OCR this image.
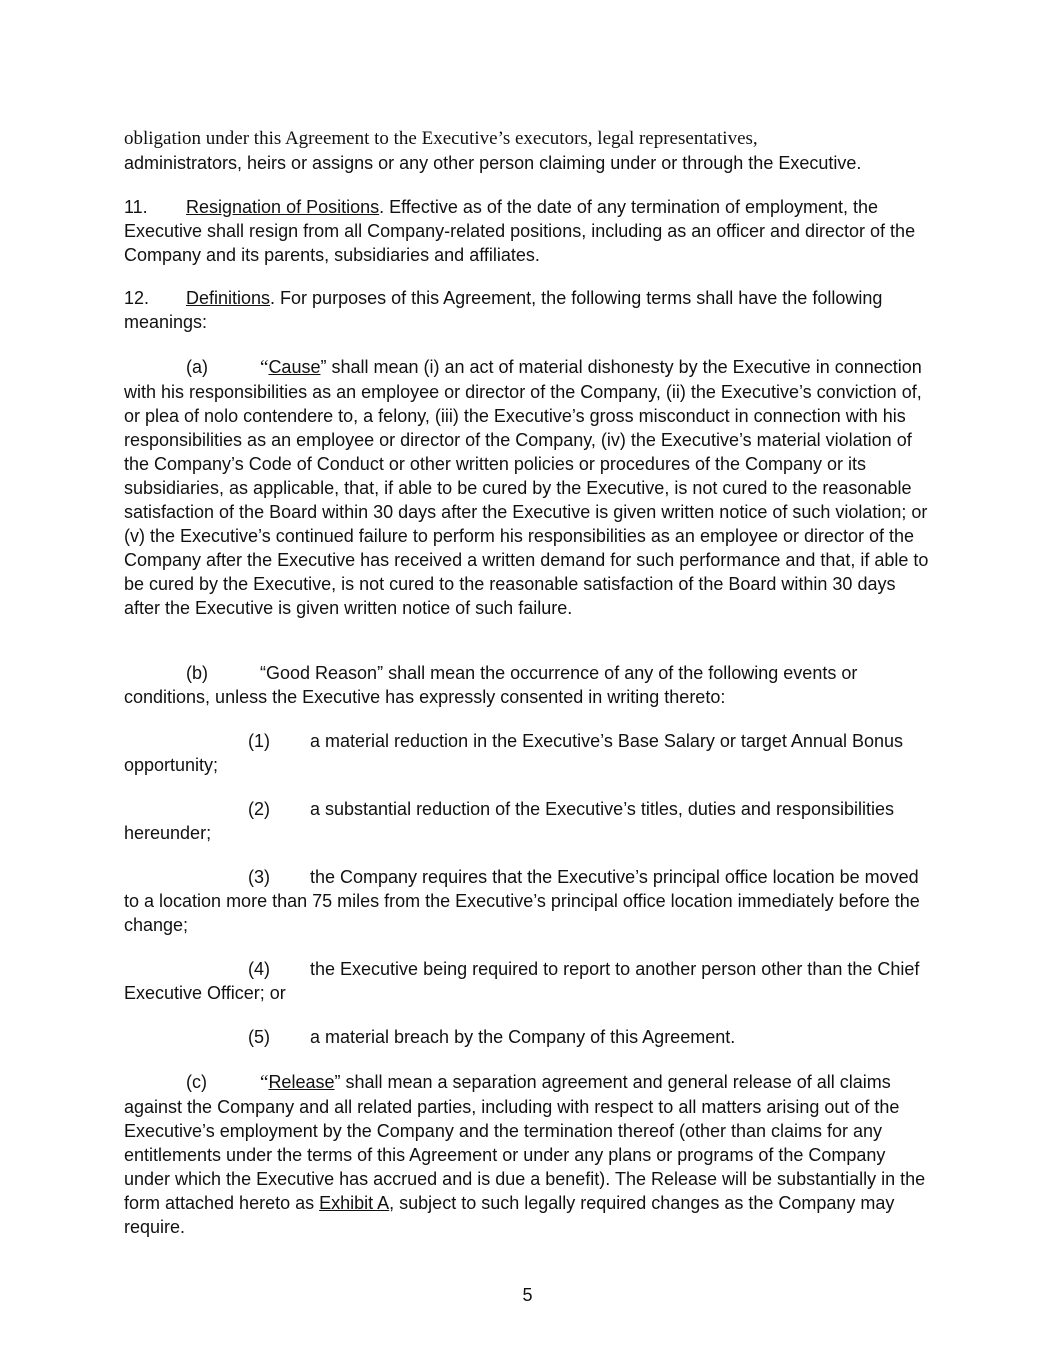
obligation under this Agreement to the Executive’s executors, legal representatives,
administrators, heirs or assigns or any other person claiming under or through the Executive.

11. Resignation of Positions. Effective as of the date of any termination of employment, the Executive shall resign from all Company-related positions, including as an officer and director of the Company and its parents, subsidiaries and affiliates.

12. Definitions. For purposes of this Agreement, the following terms shall have the following meanings:

(a)	“Cause” shall mean (i) an act of material dishonesty by the Executive in connection with his responsibilities as an employee or director of the Company, (ii) the Executive’s conviction of, or plea of nolo contendere to, a felony, (iii) the Executive’s gross misconduct in connection with his responsibilities as an employee or director of the Company, (iv) the Executive’s material violation of the Company’s Code of Conduct or other written policies or procedures of the Company or its subsidiaries, as applicable, that, if able to be cured by the Executive, is not cured to the reasonable satisfaction of the Board within 30 days after the Executive is given written notice of such violation; or (v) the Executive’s continued failure to perform his responsibilities as an employee or director of the Company after the Executive has received a written demand for such performance and that, if able to be cured by the Executive, is not cured to the reasonable satisfaction of the Board within 30 days after the Executive is given written notice of such failure.

(b)	“Good Reason” shall mean the occurrence of any of the following events or conditions, unless the Executive has expressly consented in writing thereto:

(1) a material reduction in the Executive’s Base Salary or target Annual Bonus opportunity;

(2) a substantial reduction of the Executive’s titles, duties and responsibilities hereunder;

(3) the Company requires that the Executive’s principal office location be moved to a location more than 75 miles from the Executive’s principal office location immediately before the change;

(4) the Executive being required to report to another person other than the Chief Executive Officer; or

(5) a material breach by the Company of this Agreement.

(c)	“Release” shall mean a separation agreement and general release of all claims against the Company and all related parties, including with respect to all matters arising out of the Executive’s employment by the Company and the termination thereof (other than claims for any entitlements under the terms of this Agreement or under any plans or programs of the Company under which the Executive has accrued and is due a benefit). The Release will be substantially in the form attached hereto as Exhibit A, subject to such legally required changes as the Company may require.

5
